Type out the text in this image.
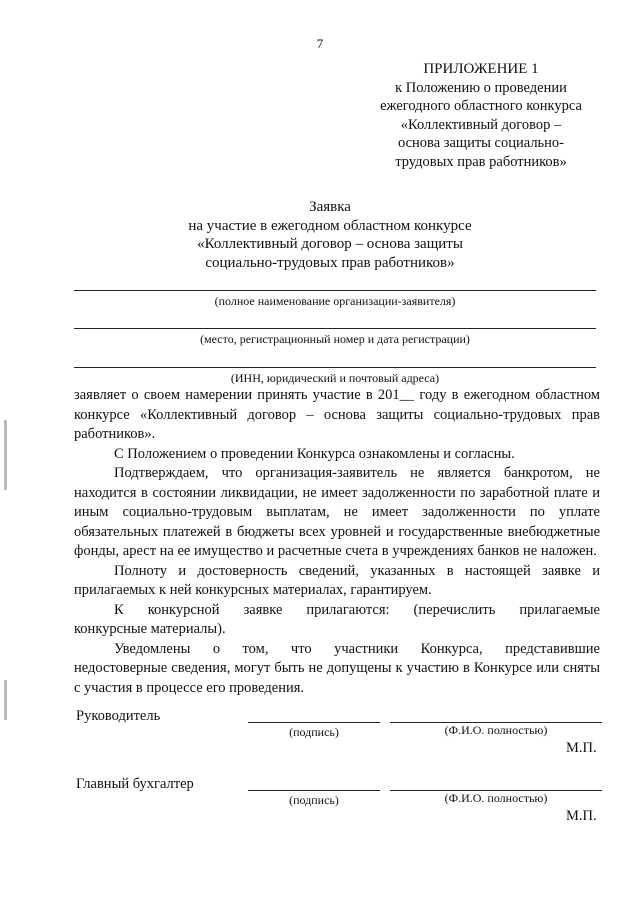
7
ПРИЛОЖЕНИЕ 1
к Положению о проведении
ежегодного областного конкурса
«Коллективный договор –
основа защиты социально-
трудовых прав работников»
Заявка
на участие в ежегодном областном конкурсе
«Коллективный договор – основа защиты
социально-трудовых прав работников»
(полное наименование организации-заявителя)
(место, регистрационный номер и дата регистрации)
(ИНН, юридический и почтовый адреса)

заявляет о своем намерении принять участие в 201__ году в ежегодном областном конкурсе «Коллективный договор – основа защиты социально-трудовых прав работников».

С Положением о проведении Конкурса ознакомлены и согласны.

Подтверждаем, что организация-заявитель не является банкротом, не находится в состоянии ликвидации, не имеет задолженности по заработной плате и иным социально-трудовым выплатам, не имеет задолженности по уплате обязательных платежей в бюджеты всех уровней и государственные внебюджетные фонды, арест на ее имущество и расчетные счета в учреждениях банков не наложен.

Полноту и достоверность сведений, указанных в настоящей заявке и прилагаемых к ней конкурсных материалах, гарантируем.

К конкурсной заявке прилагаются: (перечислить прилагаемые

конкурсные материалы).

Уведомлены о том, что участники Конкурса, представившие

недостоверные сведения, могут быть не допущены к участию в Конкурсе или сняты с участия в процессе его проведения.

Руководитель
(подпись)	(Ф.И.О. полностью)
М.П.
Главный бухгалтер
(подпись)	(Ф.И.О. полностью)
М.П.
